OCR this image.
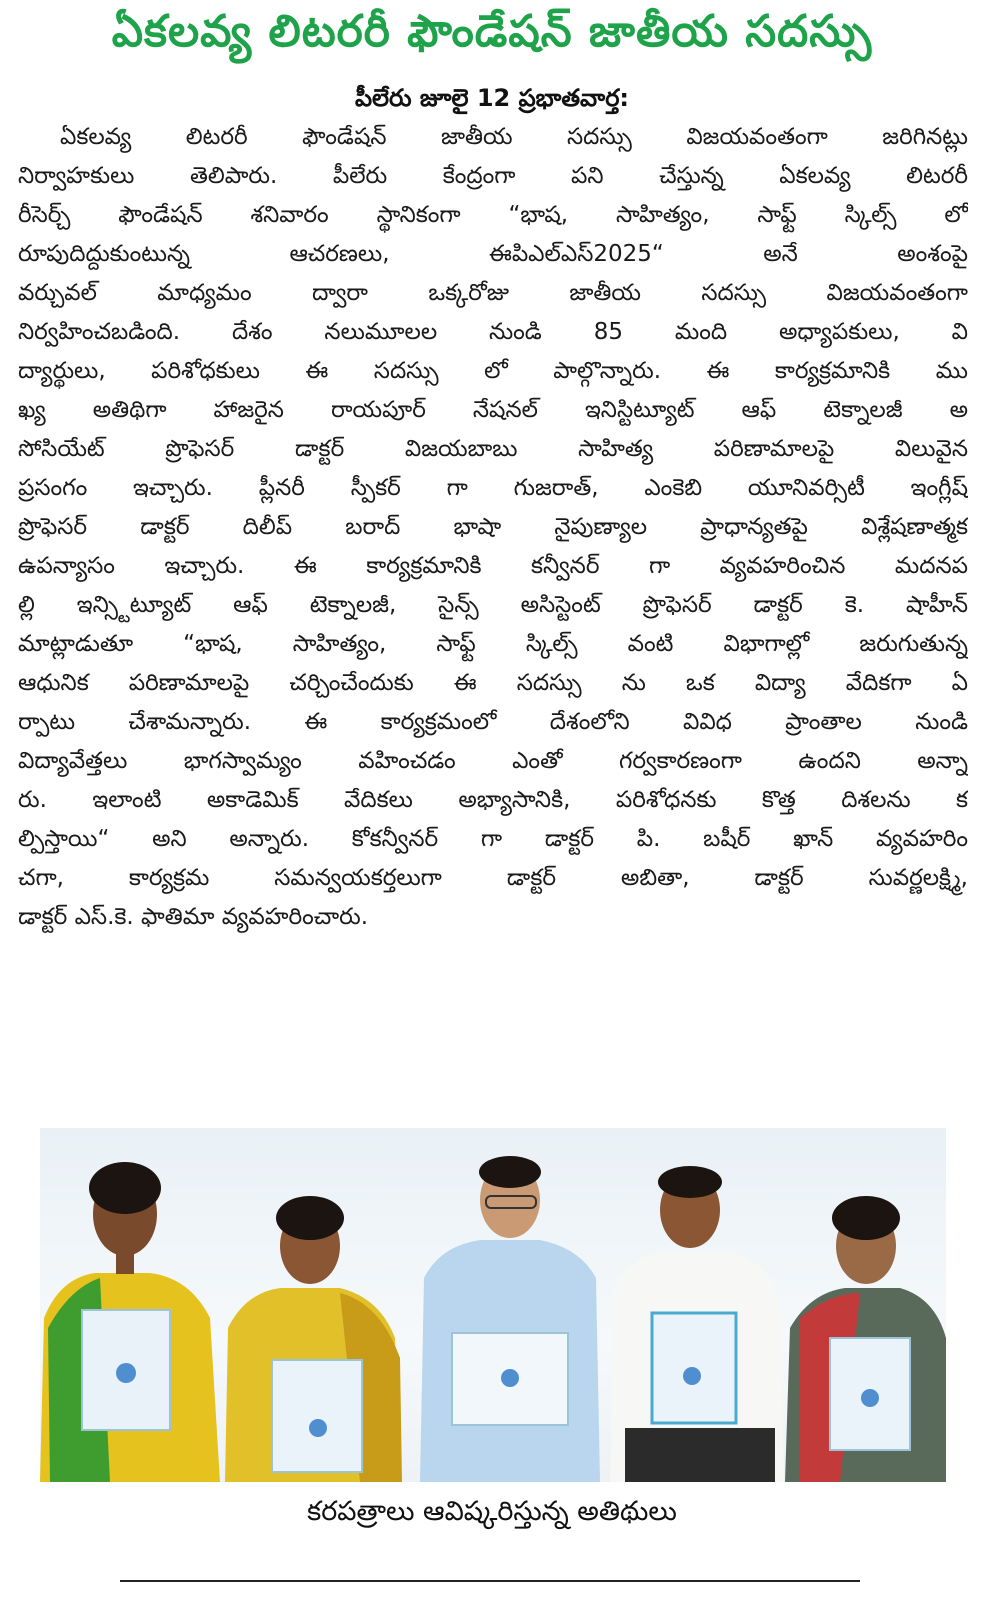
ఏకలవ్య లిటరరీ ఫౌండేషన్ జాతీయ సదస్సు
పీలేరు జూలై 12 ప్రభాతవార్త:
ఏకలవ్య లిటరరీ ఫౌండేషన్ జాతీయ సదస్సు విజయవంతంగా జరిగినట్లు
నిర్వాహకులు తెలిపారు. పీలేరు కేంద్రంగా పని చేస్తున్న ఏకలవ్య లిటరరీ
రీసెర్చ్ ఫౌండేషన్ శనివారం స్థానికంగా “భాష, సాహిత్యం, సాఫ్ట్ స్కిల్స్ లో
రూపుదిద్దుకుంటున్న ఆచరణలు, ఈపిఎల్ఎస్2025“ అనే అంశంపై
వర్చువల్ మాధ్యమం ద్వారా ఒక్కరోజు జాతీయ సదస్సు విజయవంతంగా
నిర్వహించబడింది. దేశం నలుమూలల నుండి 85 మంది అధ్యాపకులు, వి
ద్యార్థులు, పరిశోధకులు ఈ సదస్సు లో పాల్గొన్నారు. ఈ కార్యక్రమానికి ము
ఖ్య అతిథిగా హాజరైన రాయపూర్ నేషనల్ ఇనిస్టిట్యూట్ ఆఫ్ టెక్నాలజీ అ
సోసియేట్ ప్రొఫెసర్ డాక్టర్ విజయబాబు సాహిత్య పరిణామాలపై విలువైన
ప్రసంగం ఇచ్చారు. ప్లీనరీ స్పీకర్ గా గుజరాత్, ఎంకెబి యూనివర్సిటీ ఇంగ్లీష్
ప్రొఫెసర్ డాక్టర్ దిలీప్ బరాద్ భాషా నైపుణ్యాల ప్రాధాన్యతపై విశ్లేషణాత్మక
ఉపన్యాసం ఇచ్చారు. ఈ కార్యక్రమానికి కన్వీనర్ గా వ్యవహరించిన మదనప
ల్లి ఇన్స్టిట్యూట్ ఆఫ్ టెక్నాలజీ, సైన్స్ అసిస్టెంట్ ప్రొఫెసర్ డాక్టర్ కె. షాహీన్
మాట్లాడుతూ “భాష, సాహిత్యం, సాఫ్ట్ స్కిల్స్ వంటి విభాగాల్లో జరుగుతున్న
ఆధునిక పరిణామాలపై చర్చించేందుకు ఈ సదస్సు ను ఒక విద్యా వేదికగా ఏ
ర్పాటు చేశామన్నారు. ఈ కార్యక్రమంలో దేశంలోని వివిధ ప్రాంతాల నుండి
విద్యావేత్తలు భాగస్వామ్యం వహించడం ఎంతో గర్వకారణంగా ఉందని అన్నా
రు. ఇలాంటి అకాడెమిక్ వేదికలు అభ్యాసానికి, పరిశోధనకు కొత్త దిశలను క
ల్పిస్తాయి“ అని అన్నారు. కోకన్వీనర్ గా డాక్టర్ పి. బషీర్ ఖాన్ వ్యవహరిం
చగా, కార్యక్రమ సమన్వయకర్తలుగా డాక్టర్ అబితా, డాక్టర్ సువర్ణలక్ష్మి,
డాక్టర్ ఎస్.కె. ఫాతిమా వ్యవహరించారు.
కరపత్రాలు ఆవిష్కరిస్తున్న అతిథులు
